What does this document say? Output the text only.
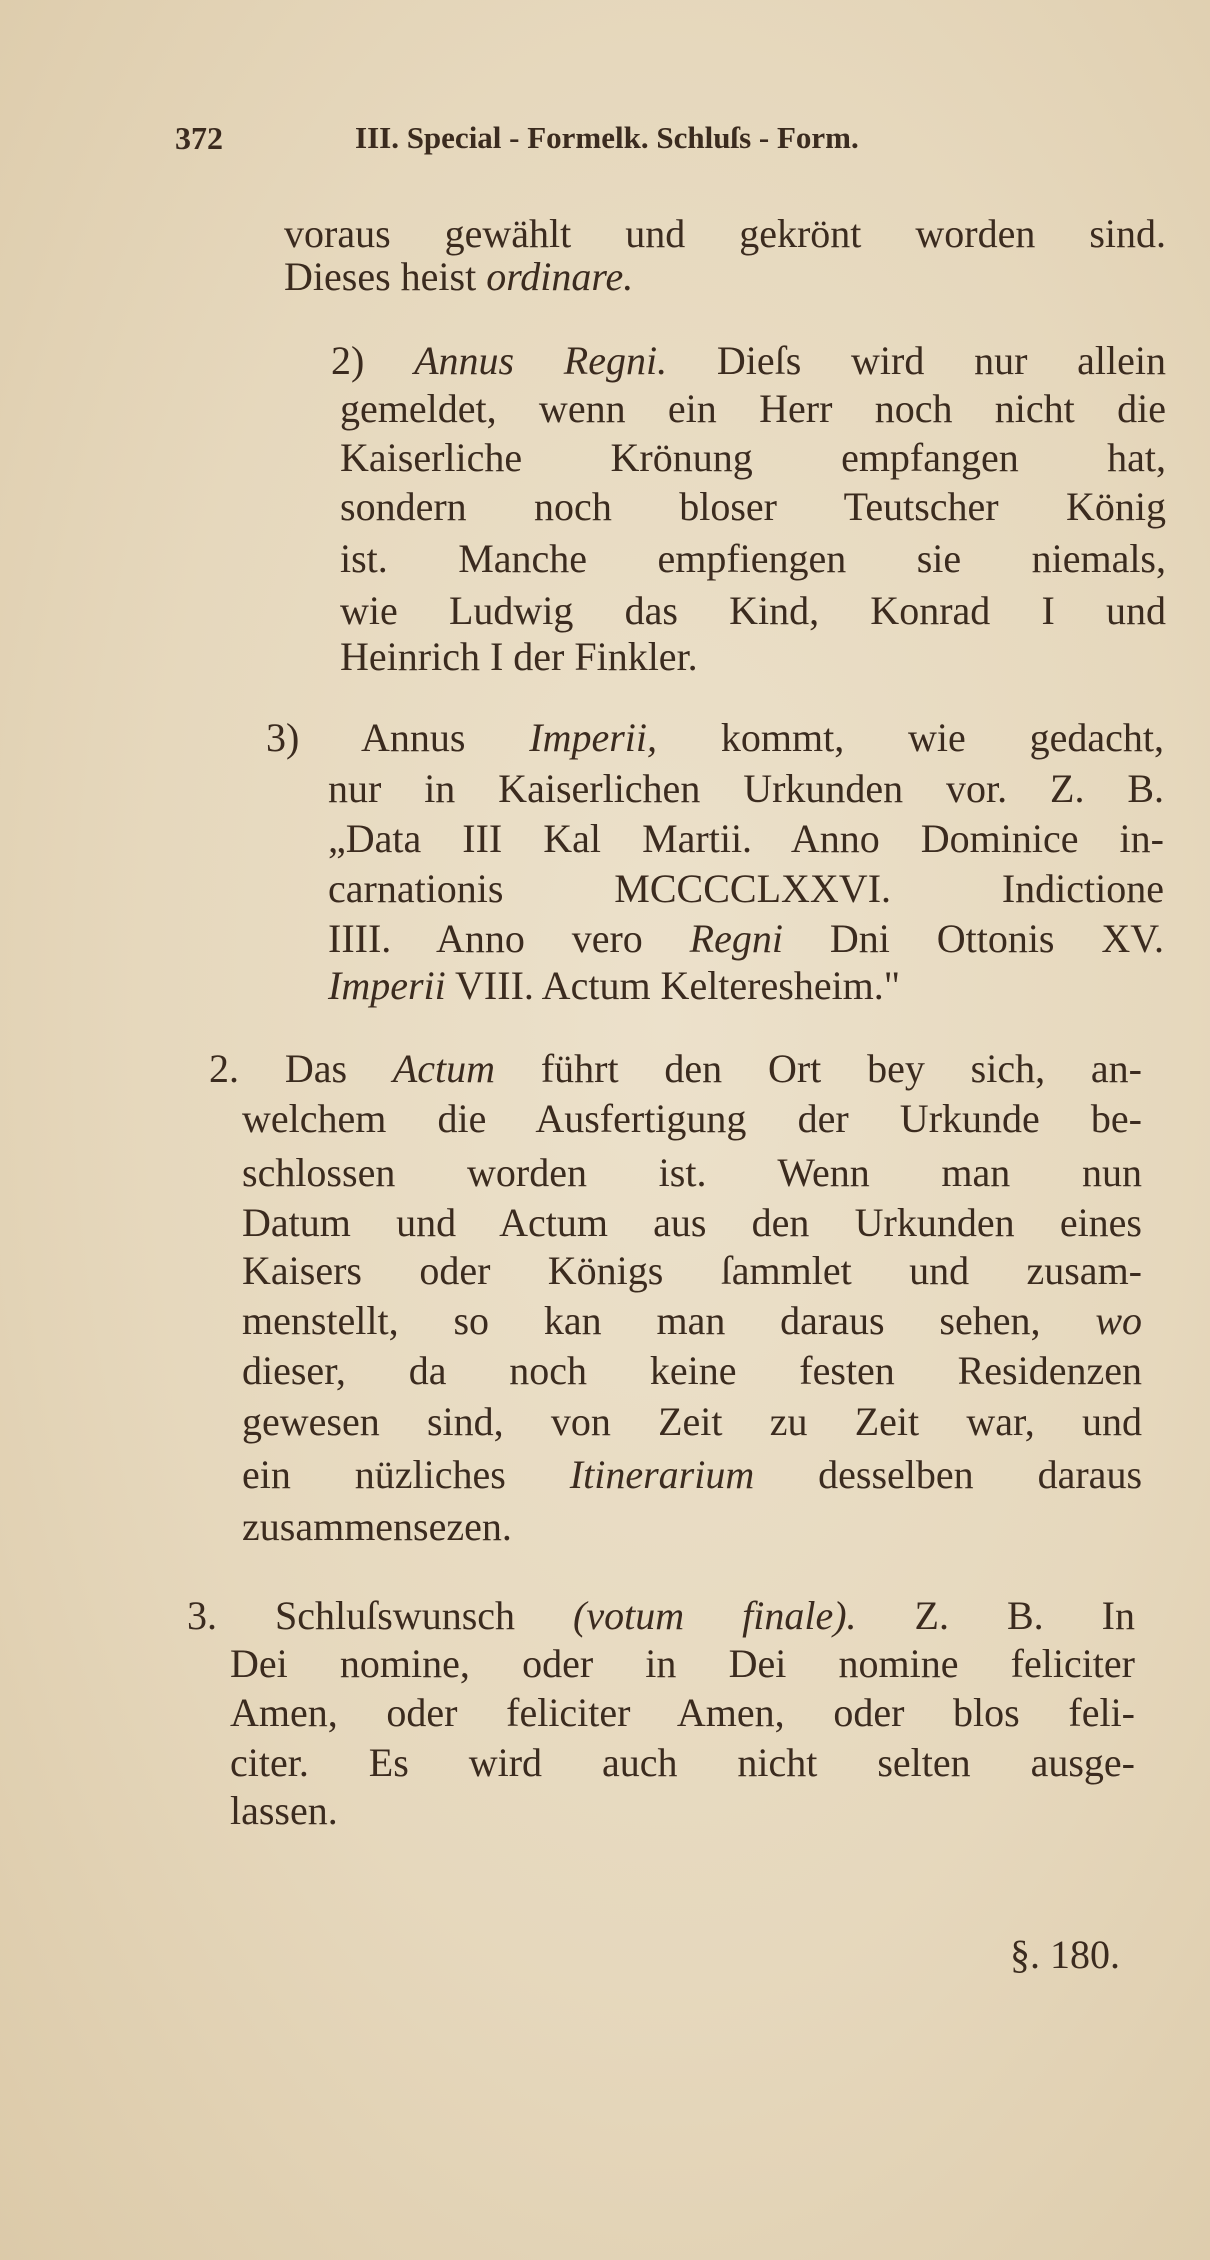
372	III. Special - Formelk. Schluſs - Form.
voraus gewählt und gekrönt worden sind.
Dieses heist ordinare.
2) Annus Regni. Dieſs wird nur allein
gemeldet, wenn ein Herr noch nicht die
Kaiserliche Krönung empfangen hat,
sondern noch bloser Teutscher König
ist. Manche empfiengen sie niemals,
wie Ludwig das Kind, Konrad I und
Heinrich I der Finkler.
3) Annus Imperii, kommt, wie gedacht,
nur in Kaiserlichen Urkunden vor. Z. B.
„Data III Kal Martii. Anno Dominice in-
carnationis MCCCCLXXVI. Indictione
IIII. Anno vero Regni Dni Ottonis XV.
Imperii VIII. Actum Kelteresheim."
2. Das Actum führt den Ort bey sich, an-
welchem die Ausfertigung der Urkunde be-
schlossen worden ist. Wenn man nun
Datum und Actum aus den Urkunden eines
Kaisers oder Königs ſammlet und zusam-
menstellt, so kan man daraus sehen, wo
dieser, da noch keine festen Residenzen
gewesen sind, von Zeit zu Zeit war, und
ein nüzliches Itinerarium desselben daraus
zusammensezen.
3. Schluſswunsch (votum finale). Z. B. In
Dei nomine, oder in Dei nomine feliciter
Amen, oder feliciter Amen, oder blos feli-
citer. Es wird auch nicht selten ausge-
lassen.
§. 180.
